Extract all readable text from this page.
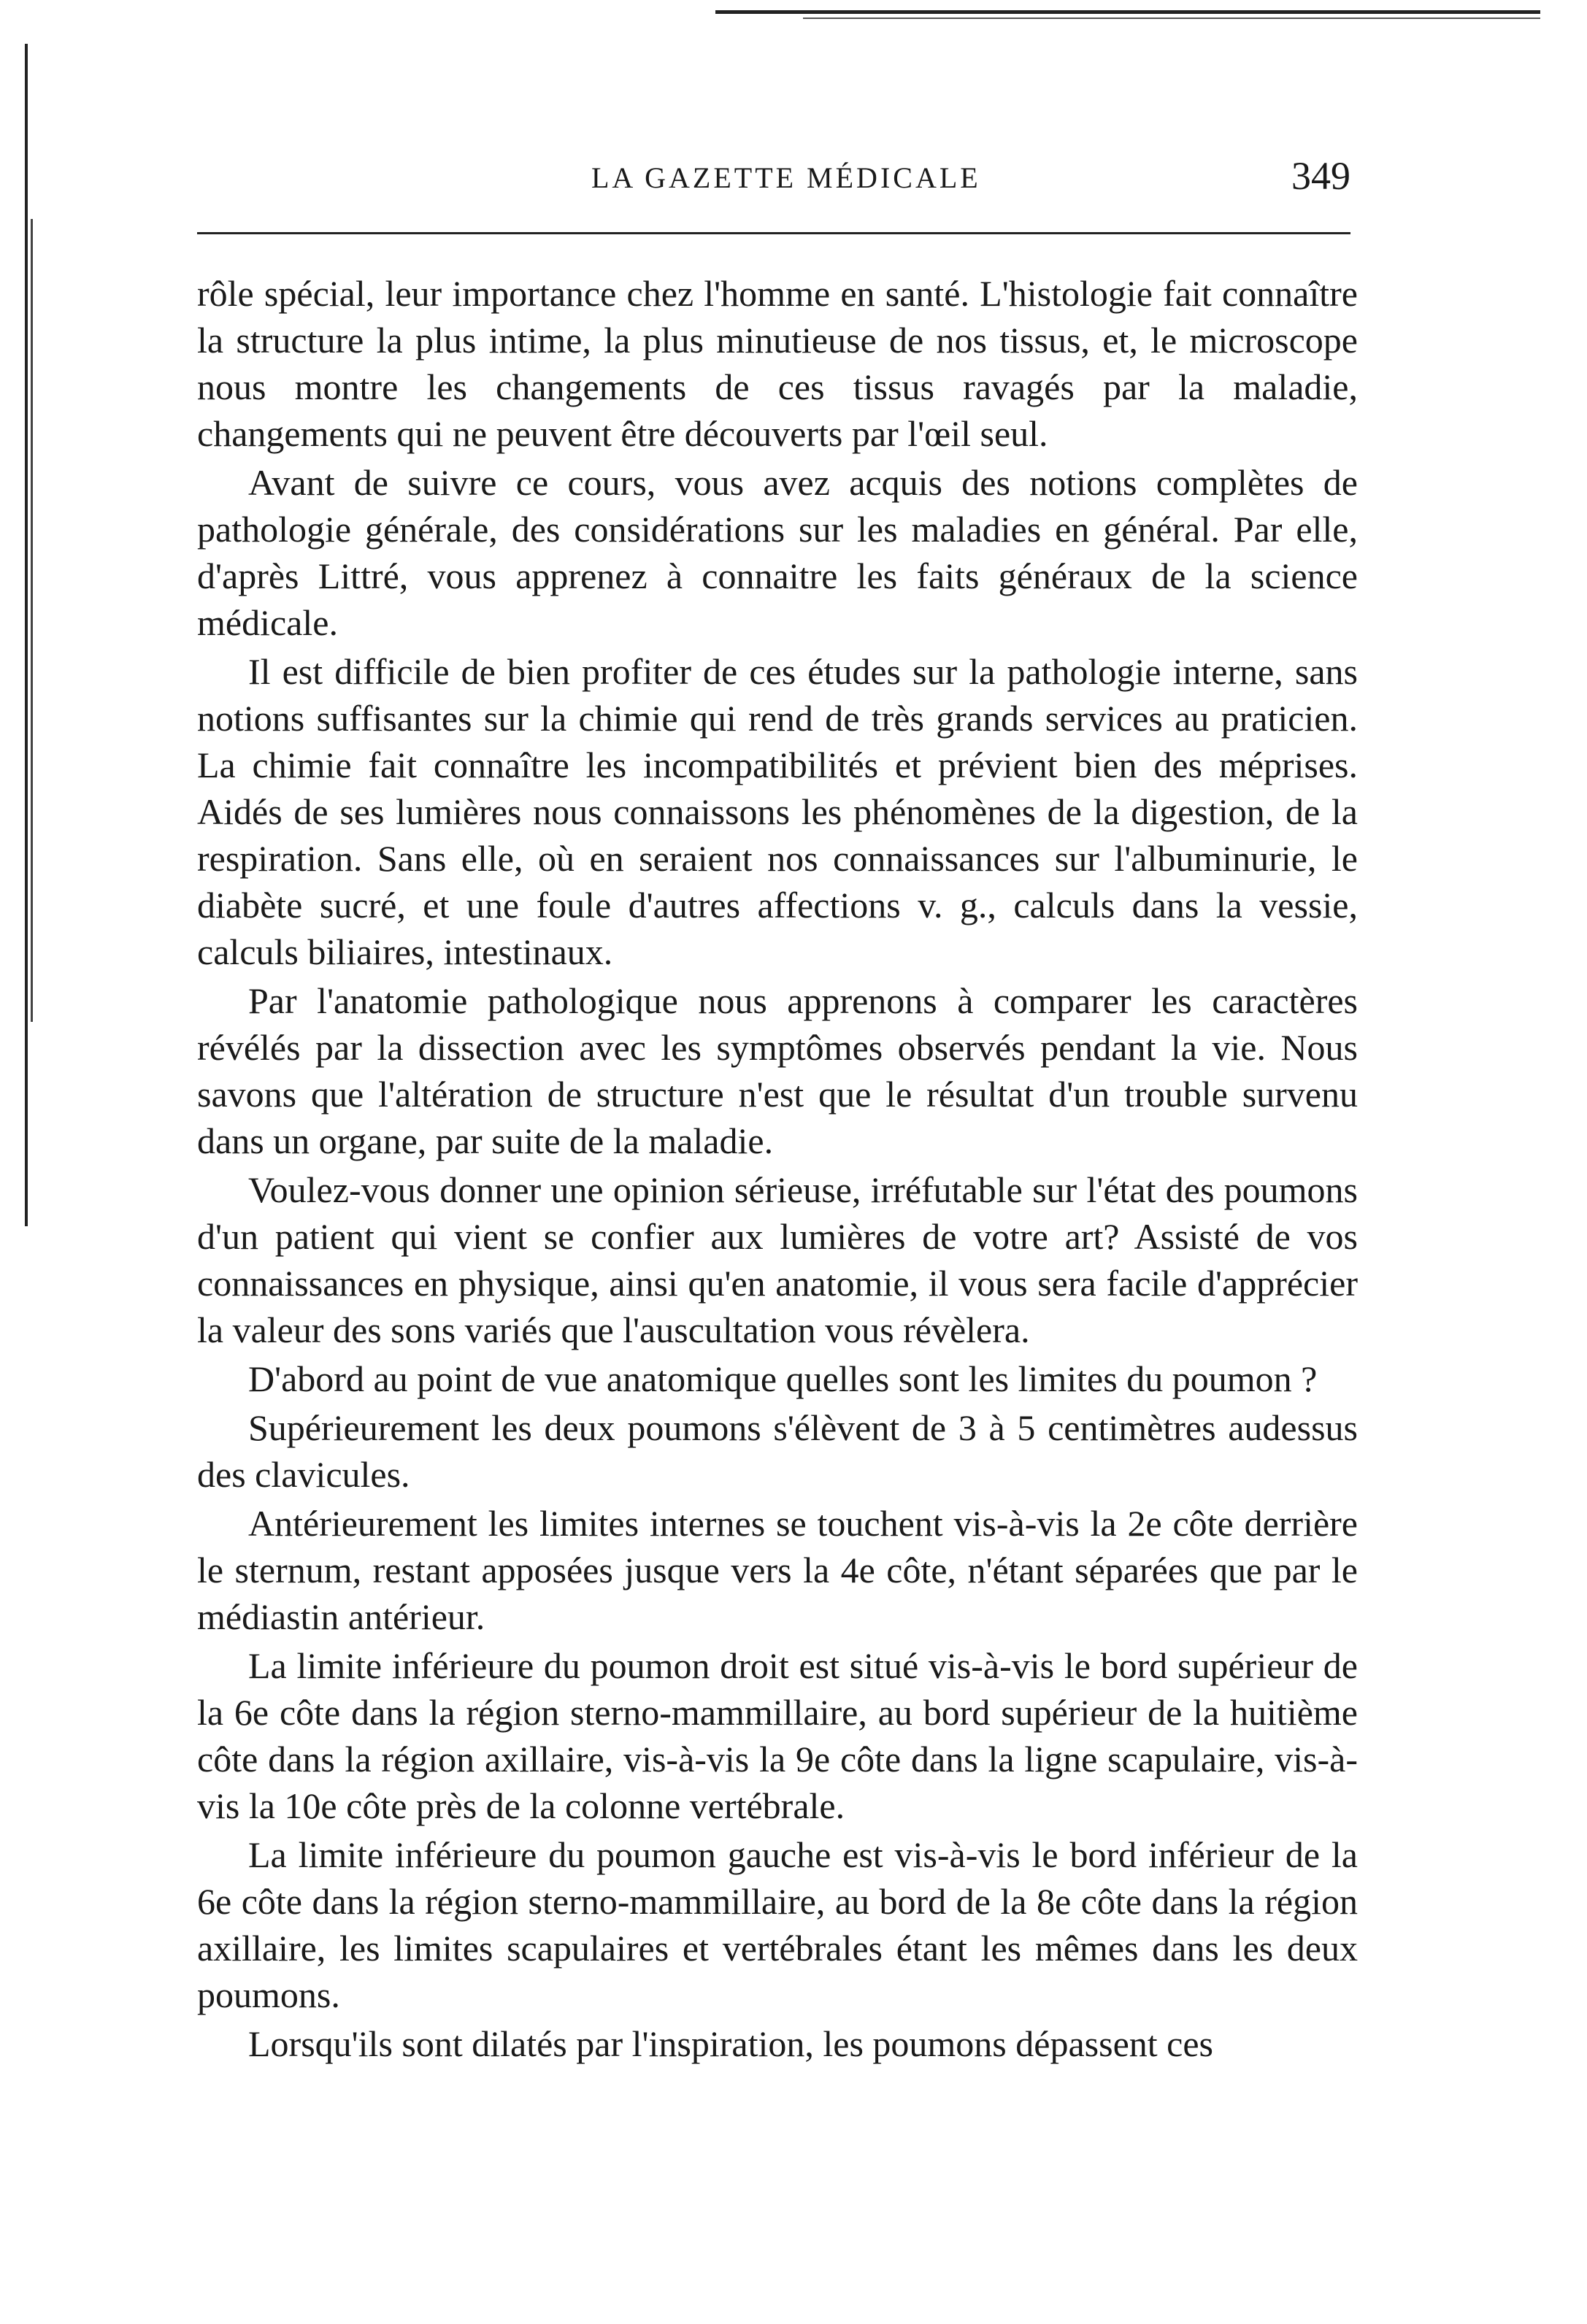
LA GAZETTE MÉDICALE	349

rôle spécial, leur importance chez l'homme en santé. L'histologie fait connaître la structure la plus intime, la plus minutieuse de nos tissus, et, le microscope nous montre les changements de ces tissus ravagés par la maladie, changements qui ne peuvent être découverts par l'œil seul.

Avant de suivre ce cours, vous avez acquis des notions complètes de pathologie générale, des considérations sur les maladies en général. Par elle, d'après Littré, vous apprenez à connaitre les faits généraux de la science médicale.

Il est difficile de bien profiter de ces études sur la pathologie interne, sans notions suffisantes sur la chimie qui rend de très grands services au praticien. La chimie fait connaître les incompatibilités et prévient bien des méprises. Aidés de ses lumières nous connaissons les phénomènes de la digestion, de la respiration. Sans elle, où en seraient nos connaissances sur l'albuminurie, le diabète sucré, et une foule d'autres affections v. g., calculs dans la vessie, calculs biliaires, intestinaux.

Par l'anatomie pathologique nous apprenons à comparer les caractères révélés par la dissection avec les symptômes observés pendant la vie. Nous savons que l'altération de structure n'est que le résultat d'un trouble survenu dans un organe, par suite de la maladie.

Voulez-vous donner une opinion sérieuse, irréfutable sur l'état des poumons d'un patient qui vient se confier aux lumières de votre art? Assisté de vos connaissances en physique, ainsi qu'en anatomie, il vous sera facile d'apprécier la valeur des sons variés que l'auscultation vous révèlera.

D'abord au point de vue anatomique quelles sont les limites du poumon ?

Supérieurement les deux poumons s'élèvent de 3 à 5 centimètres audessus des clavicules.

Antérieurement les limites internes se touchent vis-à-vis la 2e côte derrière le sternum, restant apposées jusque vers la 4e côte, n'étant séparées que par le médiastin antérieur.

La limite inférieure du poumon droit est situé vis-à-vis le bord supérieur de la 6e côte dans la région sterno-mammillaire, au bord supérieur de la huitième côte dans la région axillaire, vis-à-vis la 9e côte dans la ligne scapulaire, vis-à-vis la 10e côte près de la colonne vertébrale.

La limite inférieure du poumon gauche est vis-à-vis le bord inférieur de la 6e côte dans la région sterno-mammillaire, au bord de la 8e côte dans la région axillaire, les limites scapulaires et vertébrales étant les mêmes dans les deux poumons.

Lorsqu'ils sont dilatés par l'inspiration, les poumons dépassent ces
